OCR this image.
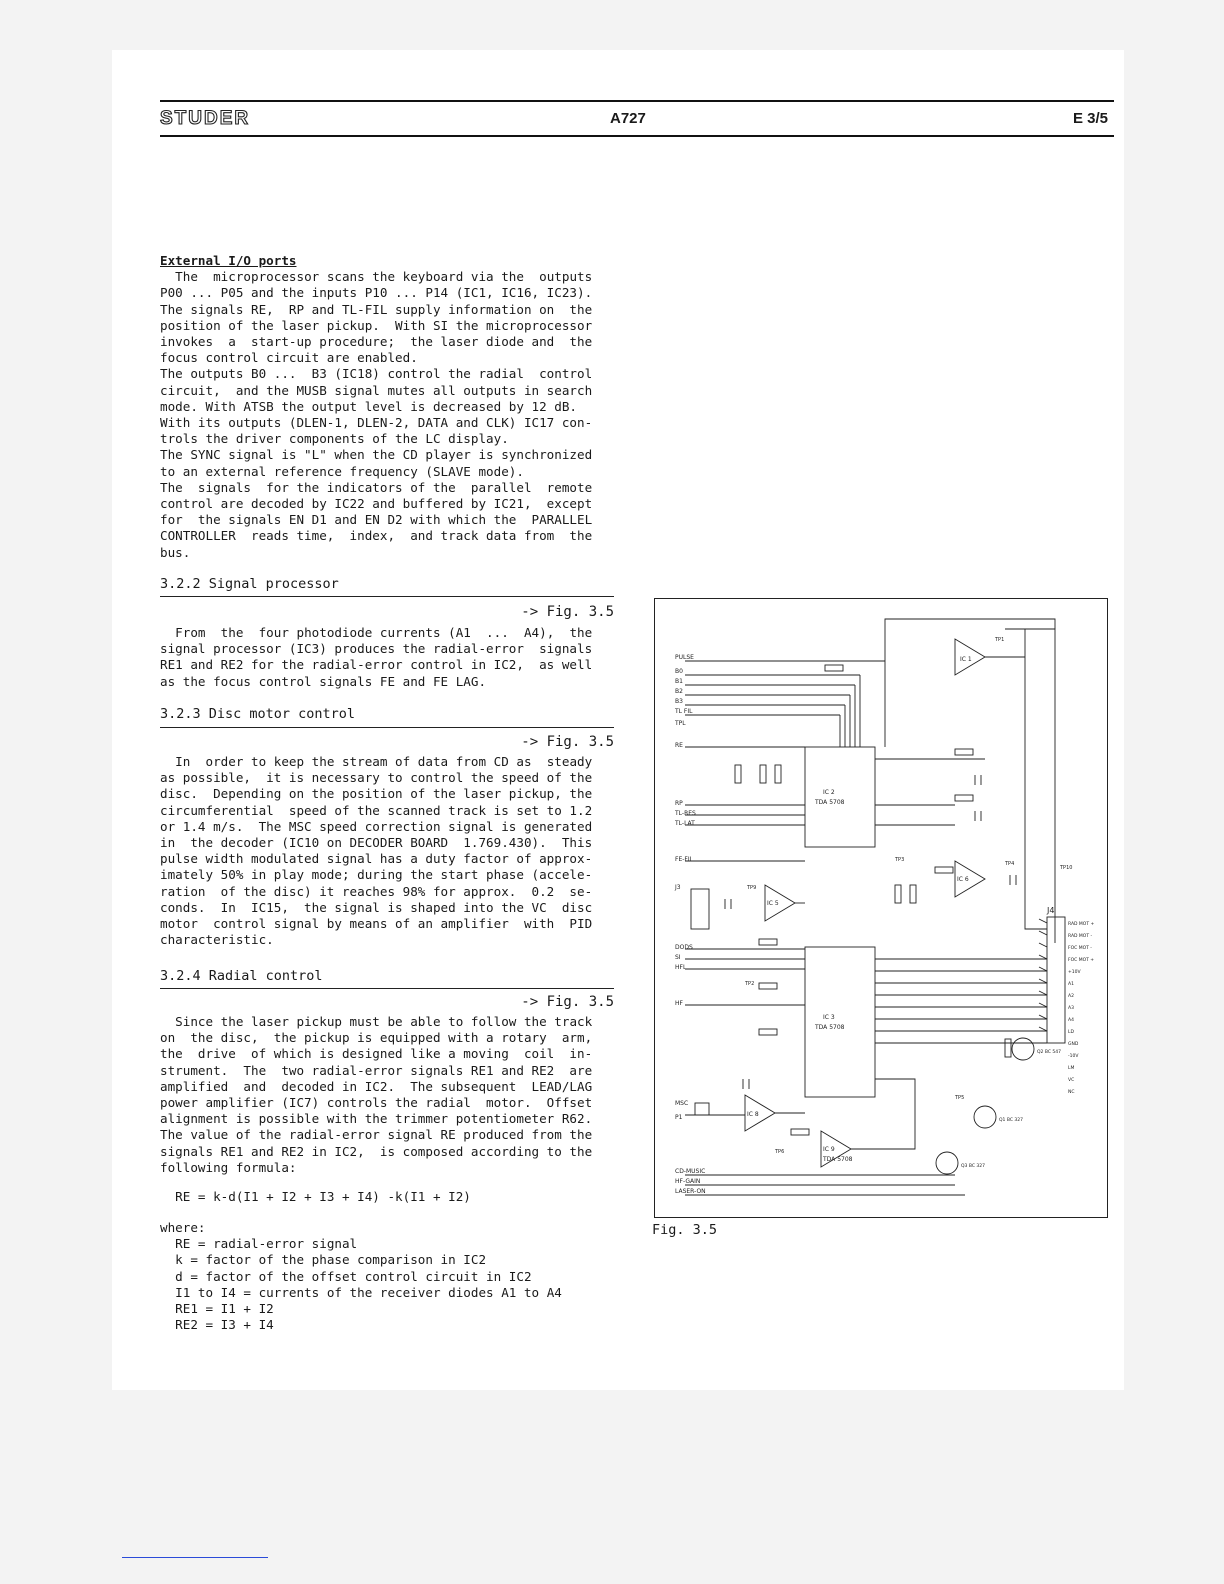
STUDER	A727	E 3/5

External I/O ports

The  microprocessor scans the keyboard via the  outputs
P00 ... P05 and the inputs P10 ... P14 (IC1, IC16, IC23).
The signals RE,  RP and TL-FIL supply information on  the
position of the laser pickup.  With SI the microprocessor
invokes  a  start-up procedure;  the laser diode and  the
focus control circuit are enabled.

The outputs B0 ...  B3 (IC18) control the radial  control
circuit,  and the MUSB signal mutes all outputs in search
mode. With ATSB the output level is decreased by 12 dB.

With its outputs (DLEN-1, DLEN-2, DATA and CLK) IC17 con-
trols the driver components of the LC display.

The SYNC signal is "L" when the CD player is synchronized
to an external reference frequency (SLAVE mode).

The  signals  for the indicators of the  parallel  remote
control are decoded by IC22 and buffered by IC21,  except
for  the signals EN D1 and EN D2 with which the  PARALLEL
CONTROLLER  reads time,  index,  and track data from  the
bus.

3.2.2 Signal processor
-> Fig. 3.5

From  the  four photodiode currents (A1  ...  A4),  the
signal processor (IC3) produces the radial-error  signals
RE1 and RE2 for the radial-error control in IC2,  as well
as the focus control signals FE and FE LAG.

3.2.3 Disc motor control
-> Fig. 3.5

In  order to keep the stream of data from CD as  steady
as possible,  it is necessary to control the speed of the
disc.  Depending on the position of the laser pickup, the
circumferential  speed of the scanned track is set to 1.2
or 1.4 m/s.  The MSC speed correction signal is generated
in  the decoder (IC10 on DECODER BOARD  1.769.430).  This
pulse width modulated signal has a duty factor of approx-
imately 50% in play mode; during the start phase (accele-
ration  of the disc) it reaches 98% for approx.  0.2  se-
conds.  In  IC15,  the signal is shaped into the VC  disc
motor  control signal by means of an amplifier  with  PID
characteristic.

3.2.4 Radial control
-> Fig. 3.5

Since the laser pickup must be able to follow the track
on  the disc,  the pickup is equipped with a rotary  arm,
the  drive  of which is designed like a moving  coil  in-
strument.  The  two radial-error signals RE1 and RE2  are
amplified  and  decoded in IC2.  The subsequent  LEAD/LAG
power amplifier (IC7) controls the radial  motor.  Offset
alignment is possible with the trimmer potentiometer R62.
The value of the radial-error signal RE produced from the
signals RE1 and RE2 in IC2,  is composed according to the
following formula:

RE = k-d(I1 + I2 + I3 + I4) -k(I1 + I2)

where:

RE = radial-error signal

k = factor of the phase comparison in IC2

d = factor of the offset control circuit in IC2

I1 to I4 = currents of the receiver diodes A1 to A4

RE1 = I1 + I2

RE2 = I3 + I4

PULSE
B0
B1
B2
B3
TL FIL
TPL
RE
RP
TL-RES
TL-LAT
FE-FIL
J3
DODS
SI
HFL
HF
MSC
P1
CD-MUSIC
HF-GAIN
LASER-ON
IC 2
TDA 5708
IC 3
TDA 5708
IC 1
IC 5
IC 6
IC 8
IC 9
TDA 5708
J4
RAD MOT +
RAD MOT -
FOC MOT -
FOC MOT +
+10V
A1
A2
A3
A4
LD
GND
-10V
LM
VC
NC
Q1 BC 327
Q2 BC 547
Q3 BC 327
TP1
TP2
TP3
TP4
TP5
TP6
TP9
TP10
Fig. 3.5
